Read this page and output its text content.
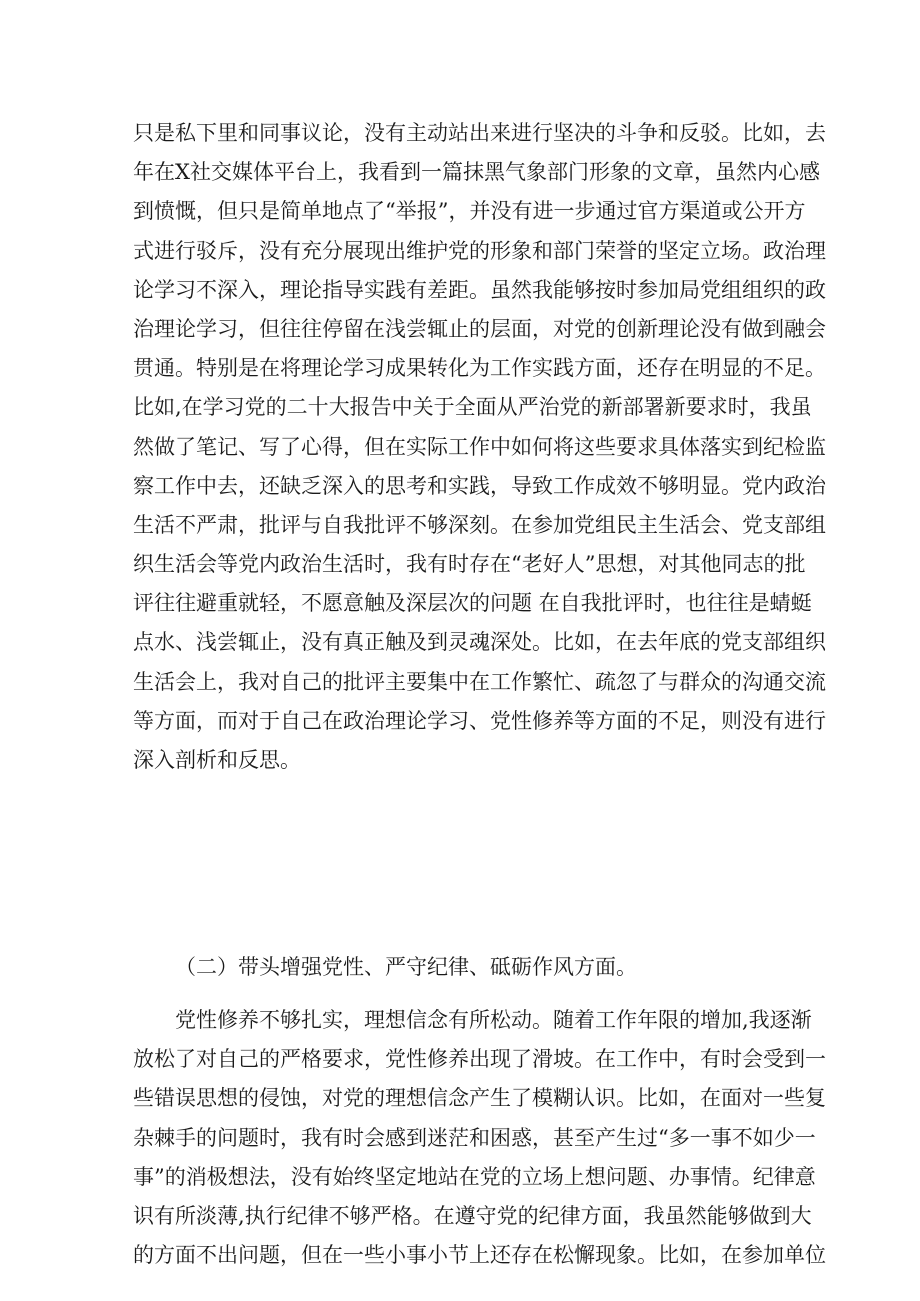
只是私下里和同事议论，没有主动站出来进行坚决的斗争和反驳。比如，去
年在X社交媒体平台上，我看到一篇抹黑气象部门形象的文章，虽然内心感
到愤慨，但只是简单地点了“举报”，并没有进一步通过官方渠道或公开方
式进行驳斥，没有充分展现出维护党的形象和部门荣誉的坚定立场。政治理
论学习不深入，理论指导实践有差距。虽然我能够按时参加局党组组织的政
治理论学习，但往往停留在浅尝辄止的层面，对党的创新理论没有做到融会
贯通。特别是在将理论学习成果转化为工作实践方面，还存在明显的不足。
比如,在学习党的二十大报告中关于全面从严治党的新部署新要求时，我虽
然做了笔记、写了心得，但在实际工作中如何将这些要求具体落实到纪检监
察工作中去，还缺乏深入的思考和实践，导致工作成效不够明显。党内政治
生活不严肃，批评与自我批评不够深刻。在参加党组民主生活会、党支部组
织生活会等党内政治生活时，我有时存在“老好人”思想，对其他同志的批
评往往避重就轻，不愿意触及深层次的问题 在自我批评时，也往往是蜻蜓
点水、浅尝辄止，没有真正触及到灵魂深处。比如，在去年底的党支部组织
生活会上，我对自己的批评主要集中在工作繁忙、疏忽了与群众的沟通交流
等方面，而对于自己在政治理论学习、党性修养等方面的不足，则没有进行
深入剖析和反思。
（二）带头增强党性、严守纪律、砥砺作风方面。
党性修养不够扎实，理想信念有所松动。随着工作年限的增加,我逐渐
放松了对自己的严格要求，党性修养出现了滑坡。在工作中，有时会受到一
些错误思想的侵蚀，对党的理想信念产生了模糊认识。比如，在面对一些复
杂棘手的问题时，我有时会感到迷茫和困惑，甚至产生过“多一事不如少一
事”的消极想法，没有始终坚定地站在党的立场上想问题、办事情。纪律意
识有所淡薄,执行纪律不够严格。在遵守党的纪律方面，我虽然能够做到大
的方面不出问题，但在一些小事小节上还存在松懈现象。比如，在参加单位
